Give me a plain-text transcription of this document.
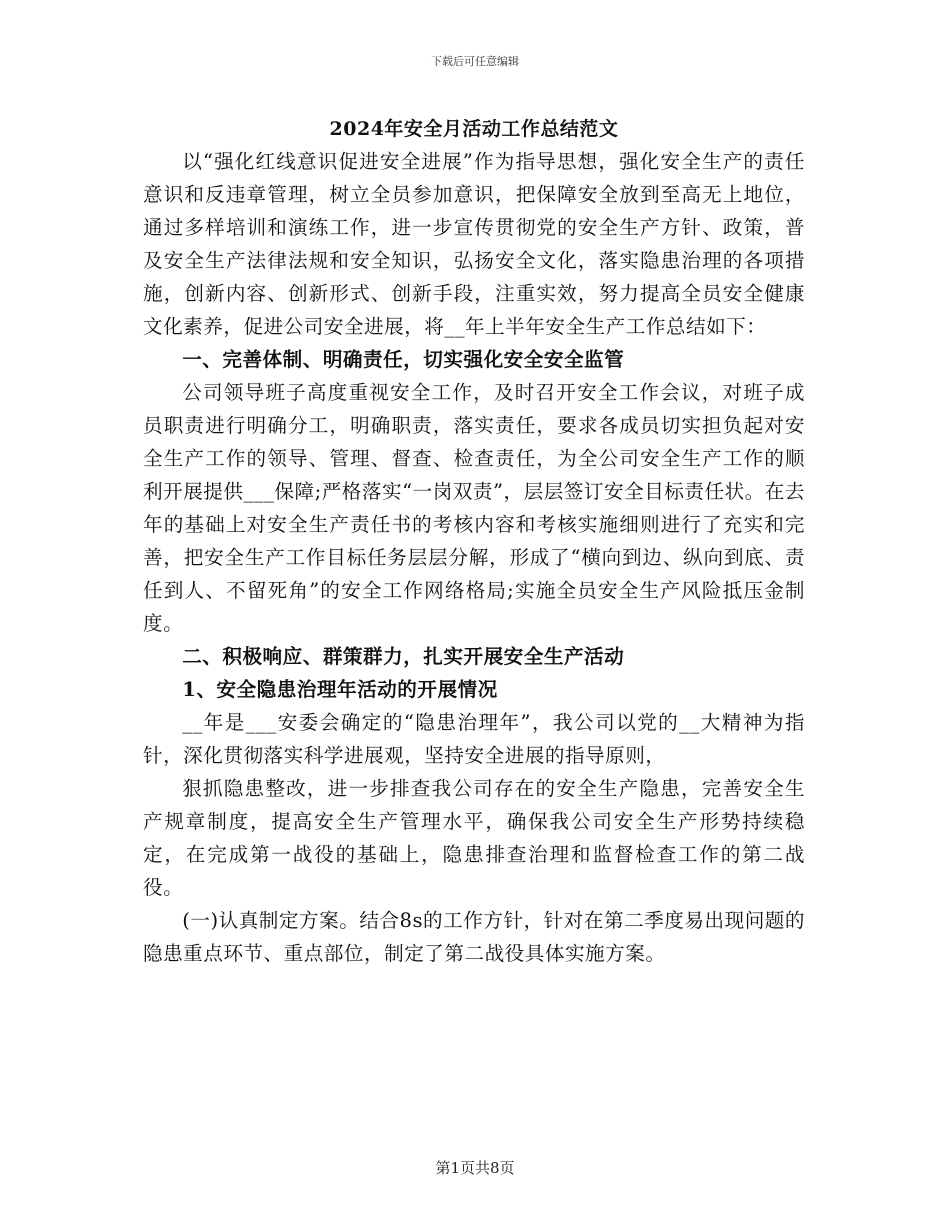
下载后可任意编辑
2024年安全月活动工作总结范文

以“强化红线意识促进安全进展”作为指导思想，强化安全生产的责任意识和反违章管理，树立全员参加意识，把保障安全放到至高无上地位，通过多样培训和演练工作，进一步宣传贯彻党的安全生产方针、政策，普及安全生产法律法规和安全知识，弘扬安全文化，落实隐患治理的各项措施，创新内容、创新形式、创新手段，注重实效，努力提高全员安全健康文化素养，促进公司安全进展，将__年上半年安全生产工作总结如下：

一、完善体制、明确责任，切实强化安全安全监管

公司领导班子高度重视安全工作，及时召开安全工作会议，对班子成员职责进行明确分工，明确职责，落实责任，要求各成员切实担负起对安全生产工作的领导、管理、督查、检查责任，为全公司安全生产工作的顺利开展提供___保障;严格落实“一岗双责”，层层签订安全目标责任状。在去年的基础上对安全生产责任书的考核内容和考核实施细则进行了充实和完善，把安全生产工作目标任务层层分解，形成了“横向到边、纵向到底、责任到人、不留死角”的安全工作网络格局;实施全员安全生产风险抵压金制度。

二、积极响应、群策群力，扎实开展安全生产活动

1、安全隐患治理年活动的开展情况

__年是___安委会确定的“隐患治理年”，我公司以党的__大精神为指针，深化贯彻落实科学进展观，坚持安全进展的指导原则，

狠抓隐患整改，进一步排查我公司存在的安全生产隐患，完善安全生产规章制度，提高安全生产管理水平，确保我公司安全生产形势持续稳定，在完成第一战役的基础上，隐患排查治理和监督检查工作的第二战役。

(一)认真制定方案。结合8s的工作方针，针对在第二季度易出现问题的隐患重点环节、重点部位，制定了第二战役具体实施方案。

第1页共8页
